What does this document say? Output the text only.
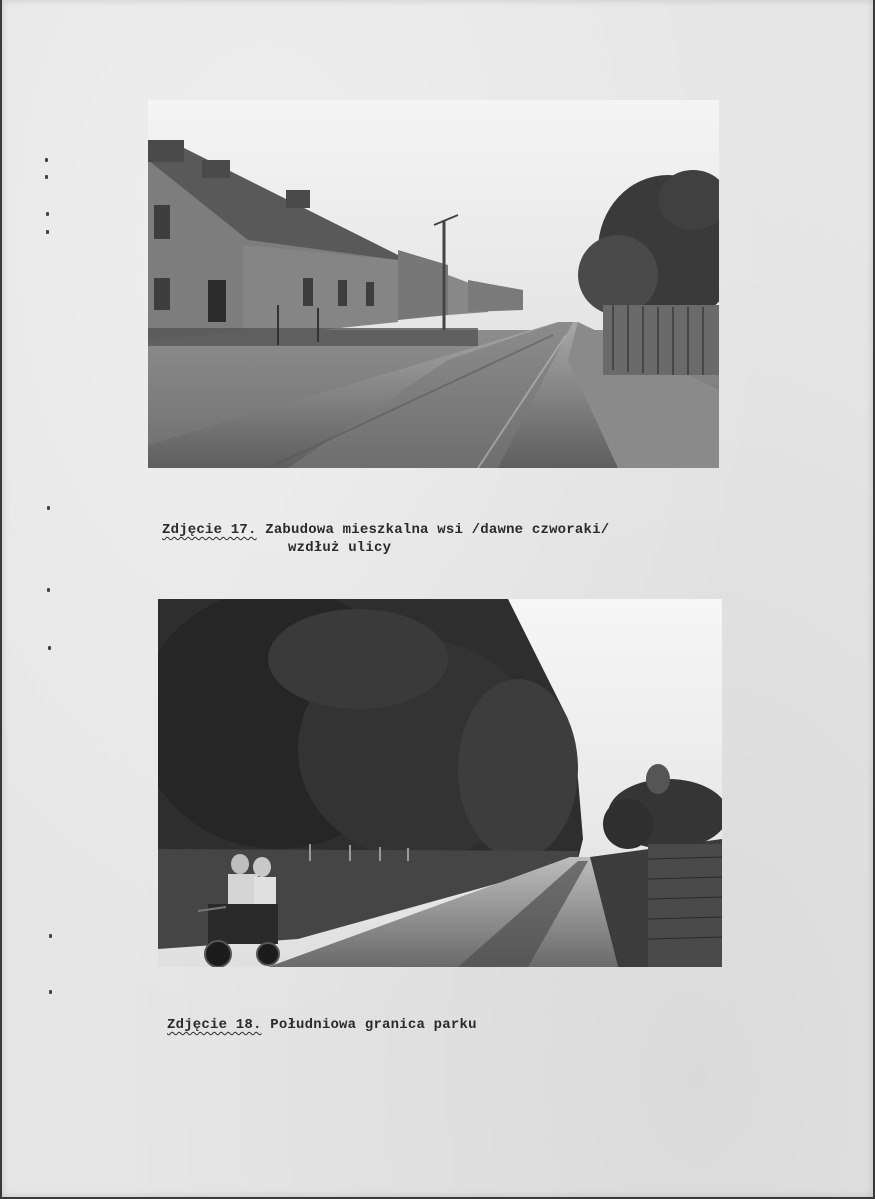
Zdjęcie 17. Zabudowa mieszkalna wsi /dawne czworaki/
wzdłuż ulicy
Zdjęcie 18. Południowa granica parku
